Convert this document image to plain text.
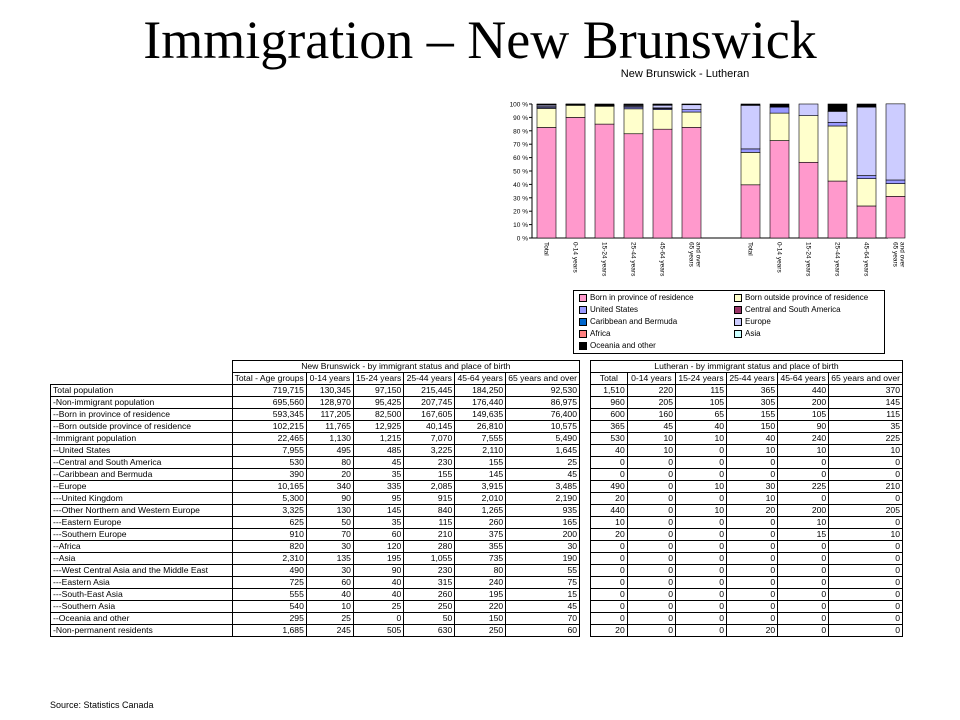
Immigration – New Brunswick
New Brunswick - Lutheran
100 %
90 %
80 %
70 %
60 %
50 %
40 %
30 %
20 %
10 %
0 %
Total	0-14 years	15-24 years	25-44 years	45-64 years	65 years and over	Total	0-14 years	15-24 years	25-44 years	45-64 years	65 years and over
Born in province of residence	Born outside province of residence
United States	Central and South America
Caribbean and Bermuda	Europe
Africa	Asia
Oceania and other
	New Brunswick - by immigrant status and place of birth					
	Total - Age groups	0-14 years	15-24 years	25-44 years	45-64 years	65 years and over
Total population	719,715	130,345	97,150	215,445	184,250	92,530
-Non-immigrant population	695,560	128,970	95,425	207,745	176,440	86,975
--Born in province of residence	593,345	117,205	82,500	167,605	149,635	76,400
--Born outside province of residence	102,215	11,765	12,925	40,145	26,810	10,575
-Immigrant population	22,465	1,130	1,215	7,070	7,555	5,490
--United States	7,955	495	485	3,225	2,110	1,645
--Central and South America	530	80	45	230	155	25
--Caribbean and Bermuda	390	20	35	155	145	45
--Europe	10,165	340	335	2,085	3,915	3,485
---United Kingdom	5,300	90	95	915	2,010	2,190
---Other Northern and Western Europe	3,325	130	145	840	1,265	935
---Eastern Europe	625	50	35	115	260	165
---Southern Europe	910	70	60	210	375	200
--Africa	820	30	120	280	355	30
--Asia	2,310	135	195	1,055	735	190
---West Central Asia and the Middle East	490	30	90	230	80	55
---Eastern Asia	725	60	40	315	240	75
---South-East Asia	555	40	40	260	195	15
---Southern Asia	540	10	25	250	220	45
--Oceania and other	295	25	0	50	150	70
-Non-permanent residents	1,685	245	505	630	250	60
Lutheran - by immigrant status and place of birth					
Total	0-14 years	15-24 years	25-44 years	45-64 years	65 years and over
1,510	220	115	365	440	370
960	205	105	305	200	145
600	160	65	155	105	115
365	45	40	150	90	35
530	10	10	40	240	225
40	10	0	10	10	10
0	0	0	0	0	0
0	0	0	0	0	0
490	0	10	30	225	210
20	0	0	10	0	0
440	0	10	20	200	205
10	0	0	0	10	0
20	0	0	0	15	10
0	0	0	0	0	0
0	0	0	0	0	0
0	0	0	0	0	0
0	0	0	0	0	0
0	0	0	0	0	0
0	0	0	0	0	0
0	0	0	0	0	0
20	0	0	20	0	0
Source: Statistics Canada
